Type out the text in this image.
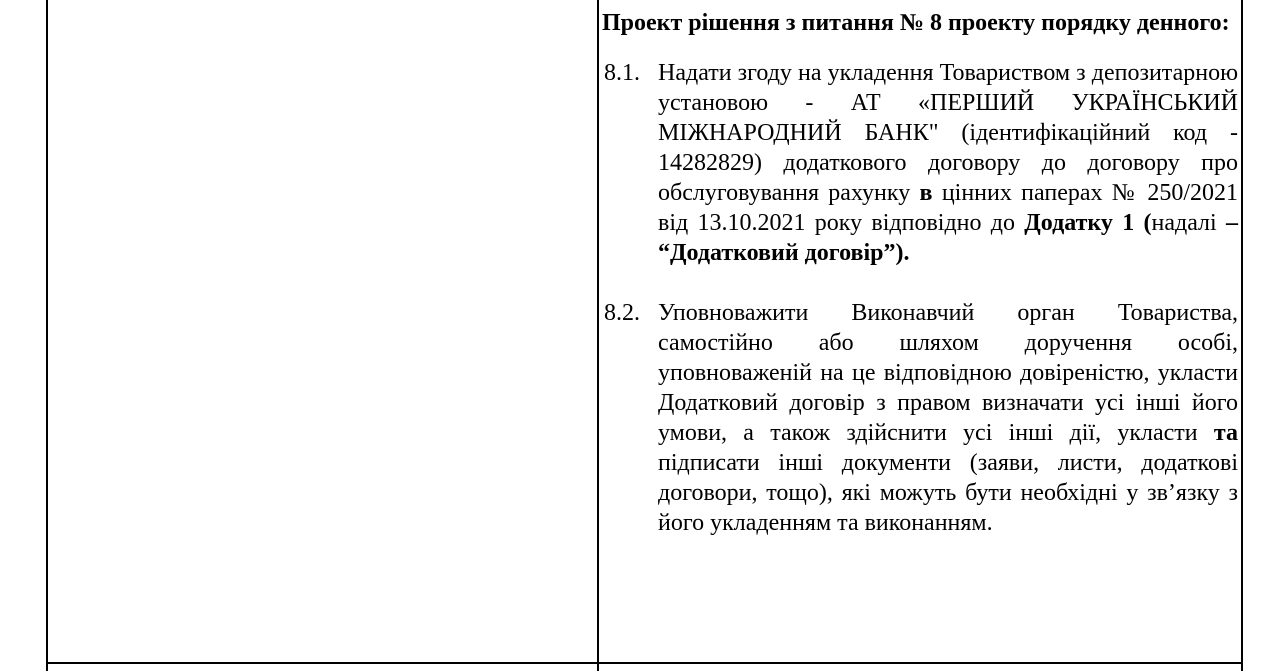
Проект рішення з питання № 8 проекту порядку денного:

8.1. Надати згоду на укладення Товариством з депозитарною установою - АТ «ПЕРШИЙ УКРАЇНСЬКИЙ МІЖНАРОДНИЙ БАНК" (ідентифікаційний код - 14282829) додаткового договору до договору про обслуговування рахунку в цінних паперах № 250/2021 від 13.10.2021 року відповідно до Додатку 1 (надалі – “Додатковий договір”).
8.2. Уповноважити Виконавчий орган Товариства, самостійно або шляхом доручення особі, уповноваженій на це відповідною довіреністю, укласти Додатковий договір з правом визначати усі інші його умови, а також здійснити усі інші дії, укласти та підписати інші документи (заяви, листи, додаткові договори, тощо), які можуть бути необхідні у зв’язку з його укладенням та виконанням.
